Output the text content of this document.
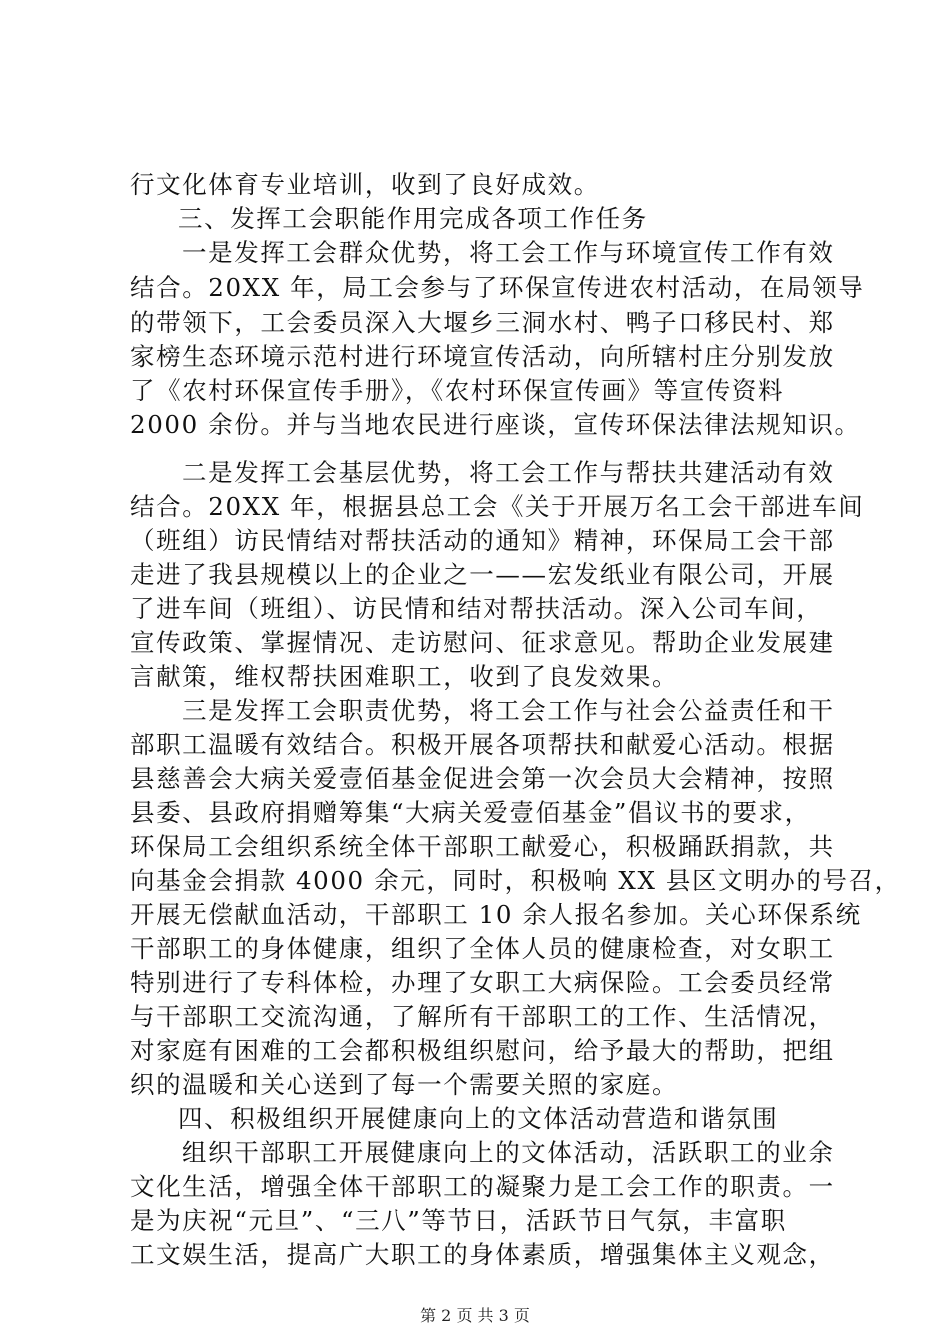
行文化体育专业培训，收到了良好成效。
三、发挥工会职能作用完成各项工作任务
一是发挥工会群众优势，将工会工作与环境宣传工作有效
结合。20XX 年，局工会参与了环保宣传进农村活动，在局领导
的带领下，工会委员深入大堰乡三洞水村、鸭子口移民村、郑
家榜生态环境示范村进行环境宣传活动，向所辖村庄分别发放
了《农村环保宣传手册》，《农村环保宣传画》等宣传资料
2000 余份。并与当地农民进行座谈，宣传环保法律法规知识。
二是发挥工会基层优势，将工会工作与帮扶共建活动有效
结合。20XX 年，根据县总工会《关于开展万名工会干部进车间
（班组）访民情结对帮扶活动的通知》精神，环保局工会干部
走进了我县规模以上的企业之一——宏发纸业有限公司，开展
了进车间（班组）、访民情和结对帮扶活动。深入公司车间，
宣传政策、掌握情况、走访慰问、征求意见。帮助企业发展建
言献策，维权帮扶困难职工，收到了良发效果。
三是发挥工会职责优势，将工会工作与社会公益责任和干
部职工温暖有效结合。积极开展各项帮扶和献爱心活动。根据
县慈善会大病关爱壹佰基金促进会第一次会员大会精神，按照
县委、县政府捐赠筹集“大病关爱壹佰基金”倡议书的要求，
环保局工会组织系统全体干部职工献爱心，积极踊跃捐款，共
向基金会捐款 4000 余元，同时，积极响 XX 县区文明办的号召，
开展无偿献血活动，干部职工 10 余人报名参加。关心环保系统
干部职工的身体健康，组织了全体人员的健康检查，对女职工
特别进行了专科体检，办理了女职工大病保险。工会委员经常
与干部职工交流沟通，了解所有干部职工的工作、生活情况，
对家庭有困难的工会都积极组织慰问，给予最大的帮助，把组
织的温暖和关心送到了每一个需要关照的家庭。
四、积极组织开展健康向上的文体活动营造和谐氛围
组织干部职工开展健康向上的文体活动，活跃职工的业余
文化生活，增强全体干部职工的凝聚力是工会工作的职责。一
是为庆祝“元旦”、“三八”等节日，活跃节日气氛，丰富职
工文娱生活，提高广大职工的身体素质，增强集体主义观念，
第 2 页 共 3 页
